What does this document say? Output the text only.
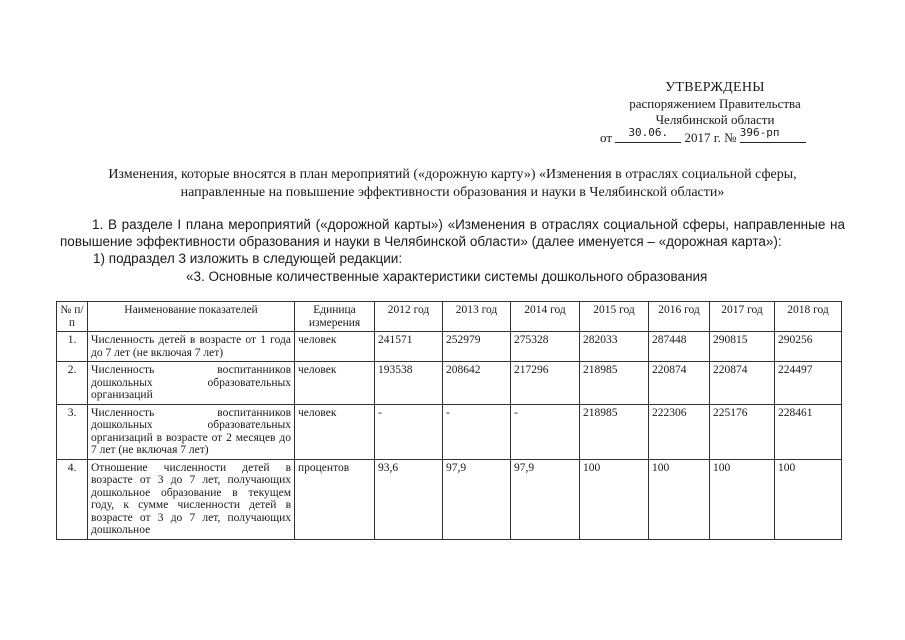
УТВЕРЖДЕНЫ
распоряжением Правительства
Челябинской области
от $^{30.06.}$ 2017 г. № $^{396-рп}$
Изменения, которые вносятся в план мероприятий («дорожную карту») «Изменения в отраслях социальной сферы,
направленные на повышение эффективности образования и науки в Челябинской области»
1. В разделе I плана мероприятий («дорожной карты») «Изменения в отраслях социальной сферы, направленные на повышение эффективности образования и науки в Челябинской области» (далее именуется – «дорожная карта»):
1) подраздел 3 изложить в следующей редакции:
«3. Основные количественные характеристики системы дошкольного образования
№ п/п	Наименование показателей	Единица измерения	2012 год	2013 год	2014 год	2015 год	2016 год	2017 год	2018 год
1.	Численность детей в возрасте от 1 года до 7 лет (не включая 7 лет)	человек	241571	252979	275328	282033	287448	290815	290256
2.	Численность воспитанников дошкольных образовательных организаций	человек	193538	208642	217296	218985	220874	220874	224497
3.	Численность воспитанников дошкольных образовательных организаций в возрасте от 2 месяцев до 7 лет (не включая 7 лет)	человек	-	-	-	218985	222306	225176	228461
4.	Отношение численности детей в возрасте от 3 до 7 лет, получающих дошкольное образование в текущем году, к сумме численности детей в возрасте от 3 до 7 лет, получающих дошкольное	процентов	93,6	97,9	97,9	100	100	100	100
